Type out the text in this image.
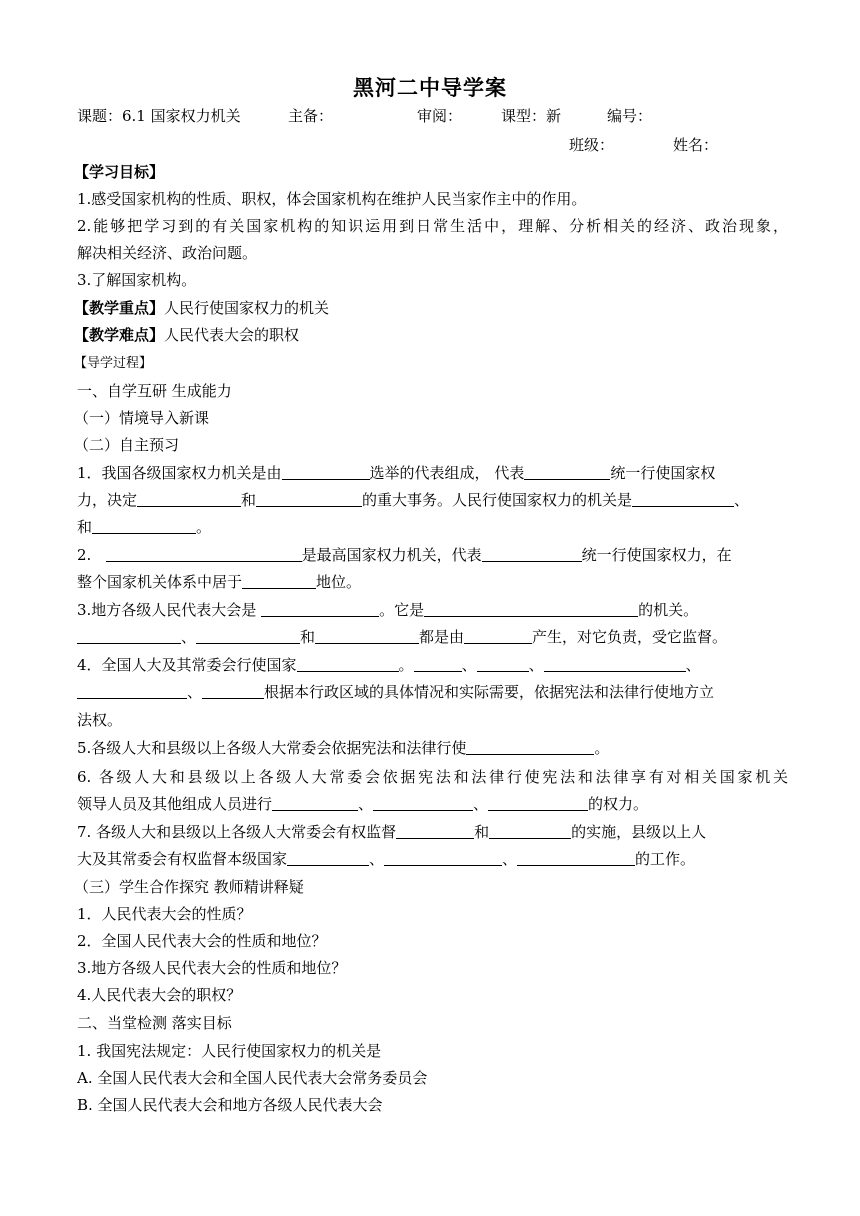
黑河二中导学案
课题：6.1 国家权力机关	主备：	审阅：	课型：新	编号：
班级：	姓名：
【学习目标】
1.感受国家机构的性质、职权，体会国家机构在维护人民当家作主中的作用。
2.能够把学习到的有关国家机构的知识运用到日常生活中，理解、分析相关的经济、政治现象，
解决相关经济、政治问题。
3.了解国家机构。
【教学重点】人民行使国家权力的机关
【教学难点】人民代表大会的职权
【导学过程】
一、自学互研 生成能力
（一）情境导入新课
（二）自主预习
1．我国各级国家权力机关是由	选举的代表组成， 代表	统一行使国家权
力，决定	和	的重大事务。人民行使国家权力的机关是	、
和	。
2.	是最高国家权力机关，代表	统一行使国家权力，在
整个国家机关体系中居于	地位。
3.地方各级人民代表大会是	。它是	的机关。
、	和	都是由	产生，对它负责，受它监督。
4．全国人大及其常委会行使国家	。	、	、	、
、	根据本行政区域的具体情况和实际需要，依据宪法和法律行使地方立
法权。
5.各级人大和县级以上各级人大常委会依据宪法和法律行使	。
6. 各级人大和县级以上各级人大常委会依据宪法和法律行使宪法和法律享有对相关国家机关
领导人员及其他组成人员进行	、	、	的权力。
7. 各级人大和县级以上各级人大常委会有权监督	和	的实施，县级以上人
大及其常委会有权监督本级国家	、	、	的工作。
（三）学生合作探究 教师精讲释疑
1．人民代表大会的性质？
2．全国人民代表大会的性质和地位？
3.地方各级人民代表大会的性质和地位？
4.人民代表大会的职权？
二、当堂检测 落实目标
1. 我国宪法规定：人民行使国家权力的机关是
A. 全国人民代表大会和全国人民代表大会常务委员会
B. 全国人民代表大会和地方各级人民代表大会
